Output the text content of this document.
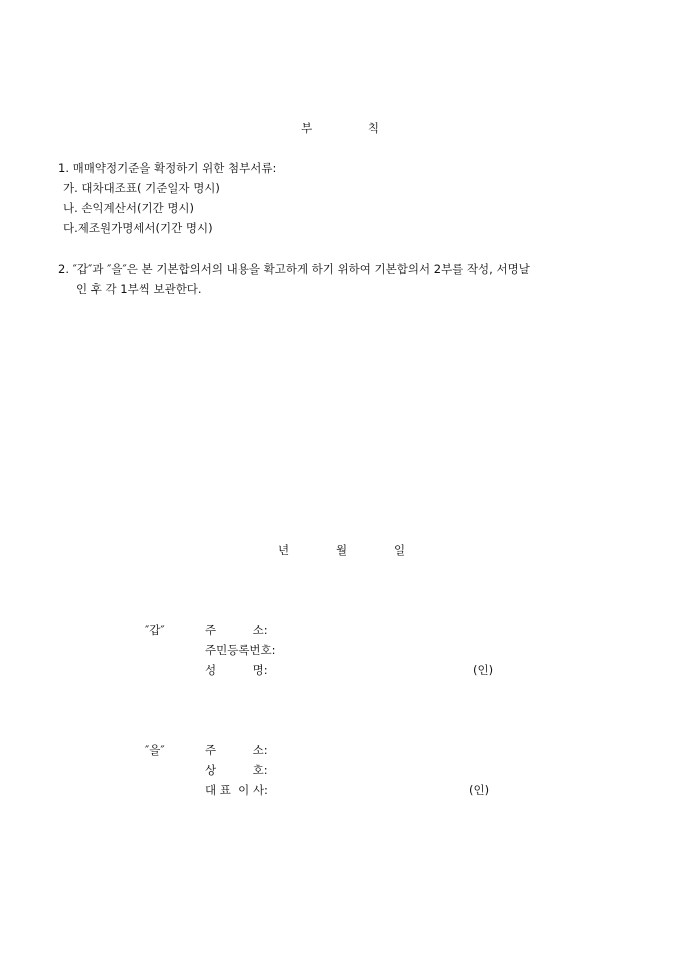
부 칙
1. 매매약정기준을 확정하기 위한 첨부서류:
가. 대차대조표( 기준일자 명시)
나. 손익계산서(기간 명시)
다.제조원가명세서(기간 명시)
2. ″갑″과 ″을″은 본 기본합의서의 내용을 확고하게 하기 위하여 기본합의서 2부를 작성, 서명날
인 후 각 1부씩 보관한다.
년	월	일
″갑″	주          소:
주민등록번호:
성          명:	(인)
″을″	주          소:
상          호:
대 표  이 사:	(인)
